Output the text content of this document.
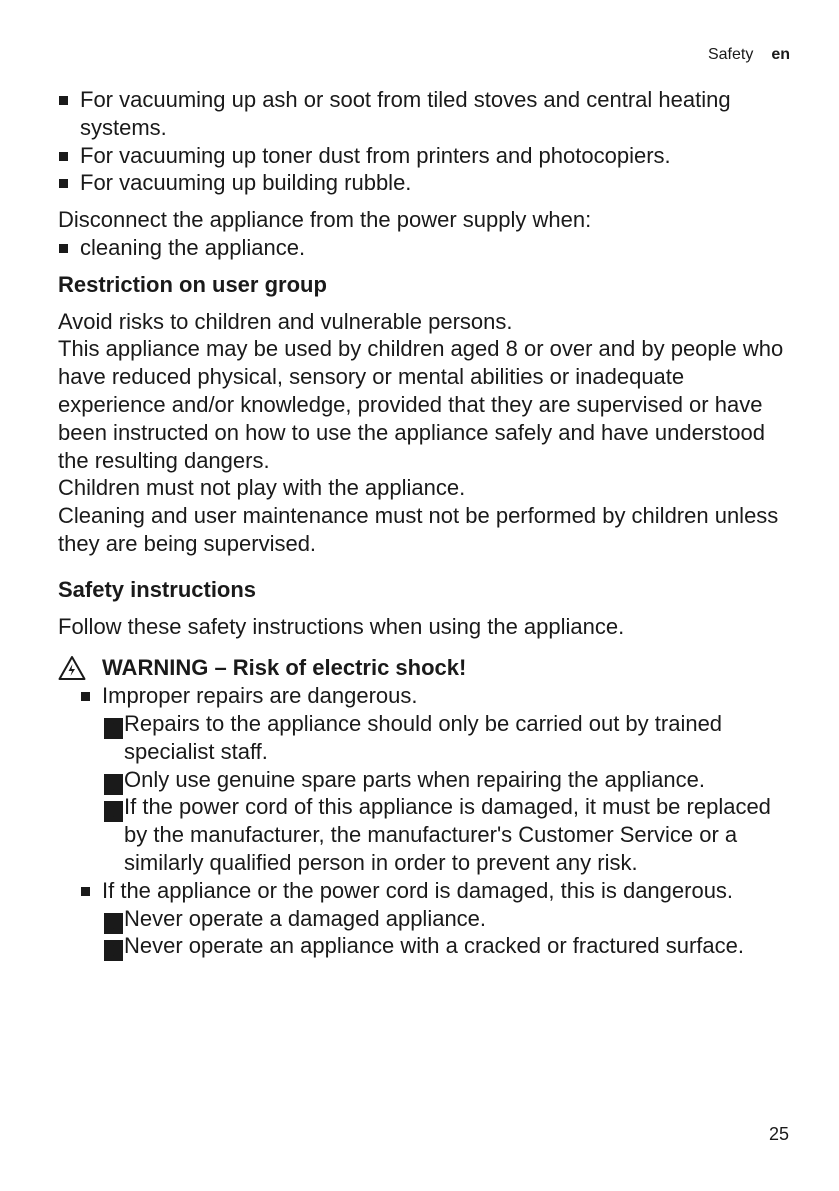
Safety en
For vacuuming up ash or soot from tiled stoves and central heating systems.
For vacuuming up toner dust from printers and photocopiers.
For vacuuming up building rubble.

Disconnect the appliance from the power supply when:

cleaning the appliance.
Restriction on user group

Avoid risks to children and vulnerable persons.

This appliance may be used by children aged 8 or over and by people who have reduced physical, sensory or mental abilities or inadequate experience and/or knowledge, provided that they are supervised or have been instructed on how to use the appliance safely and have understood the resulting dangers.

Children must not play with the appliance.

Cleaning and user maintenance must not be performed by children unless they are being supervised.

Safety instructions

Follow these safety instructions when using the appliance.

WARNING – Risk of electric shock!
Improper repairs are dangerous.
Repairs to the appliance should only be carried out by trained specialist staff.
Only use genuine spare parts when repairing the appliance.
If the power cord of this appliance is damaged, it must be replaced by the manufacturer, the manufacturer's Customer Service or a similarly qualified person in order to prevent any risk.
If the appliance or the power cord is damaged, this is dangerous.
Never operate a damaged appliance.
Never operate an appliance with a cracked or fractured surface.
25
